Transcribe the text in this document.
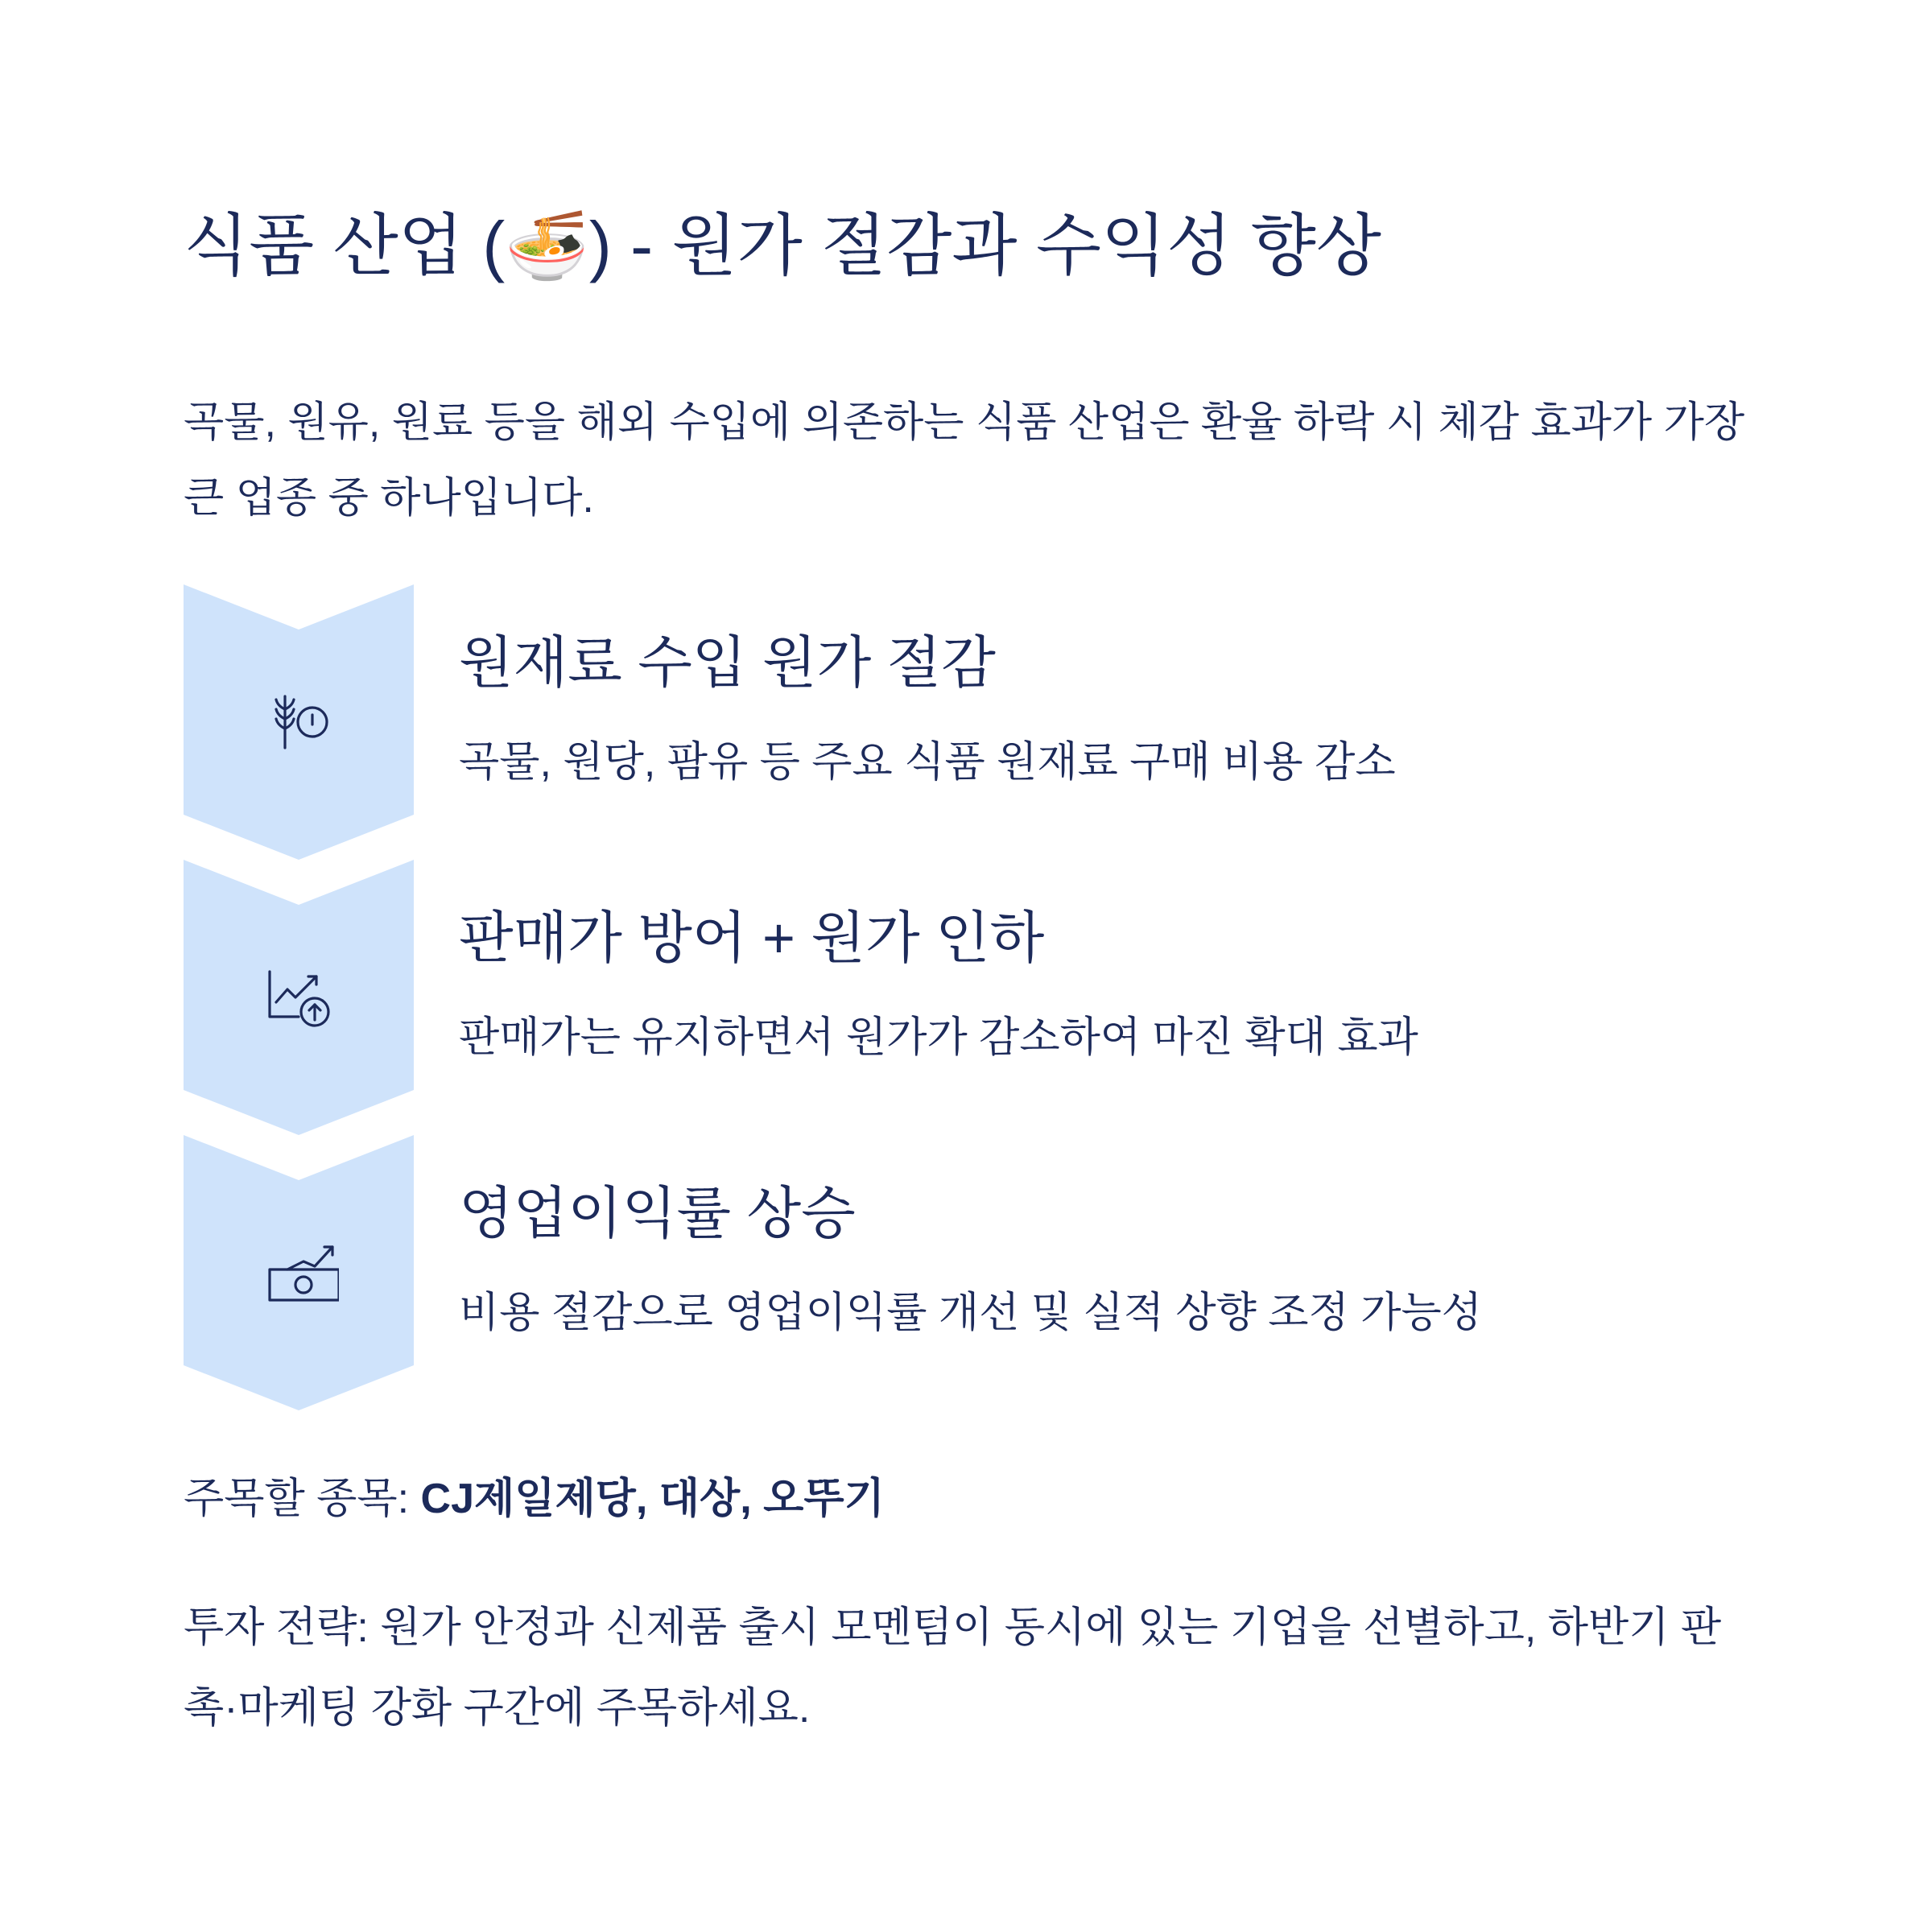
식품 산업 (🍜) - 원가 절감과 수익성 향상

곡물, 원유, 원료 등을 해외 수입에 의존하는 식품 산업은 환율 하락 시 체감 효과가 가장 큰 업종 중 하나입니다.

원재료 수입 원가 절감

곡물, 원당, 팜유 등 주요 식품 원재료 구매 비용 감소

판매가 방어 + 원가 인하

판매가는 유지하면서 원가가 감소하여 마진 확대 효과

영업이익률 상승

비용 절감으로 영업이익률 개선 및 실적 상향 조정 가능성

주목할 종목: CJ제일제당, 대상, 오뚜기

투자 전략: 원가 안정과 신제품 출시 모멘텀이 동시에 있는 기업을 선별하고, 하반기 판촉·마케팅 강화 구간에 주목하세요.
